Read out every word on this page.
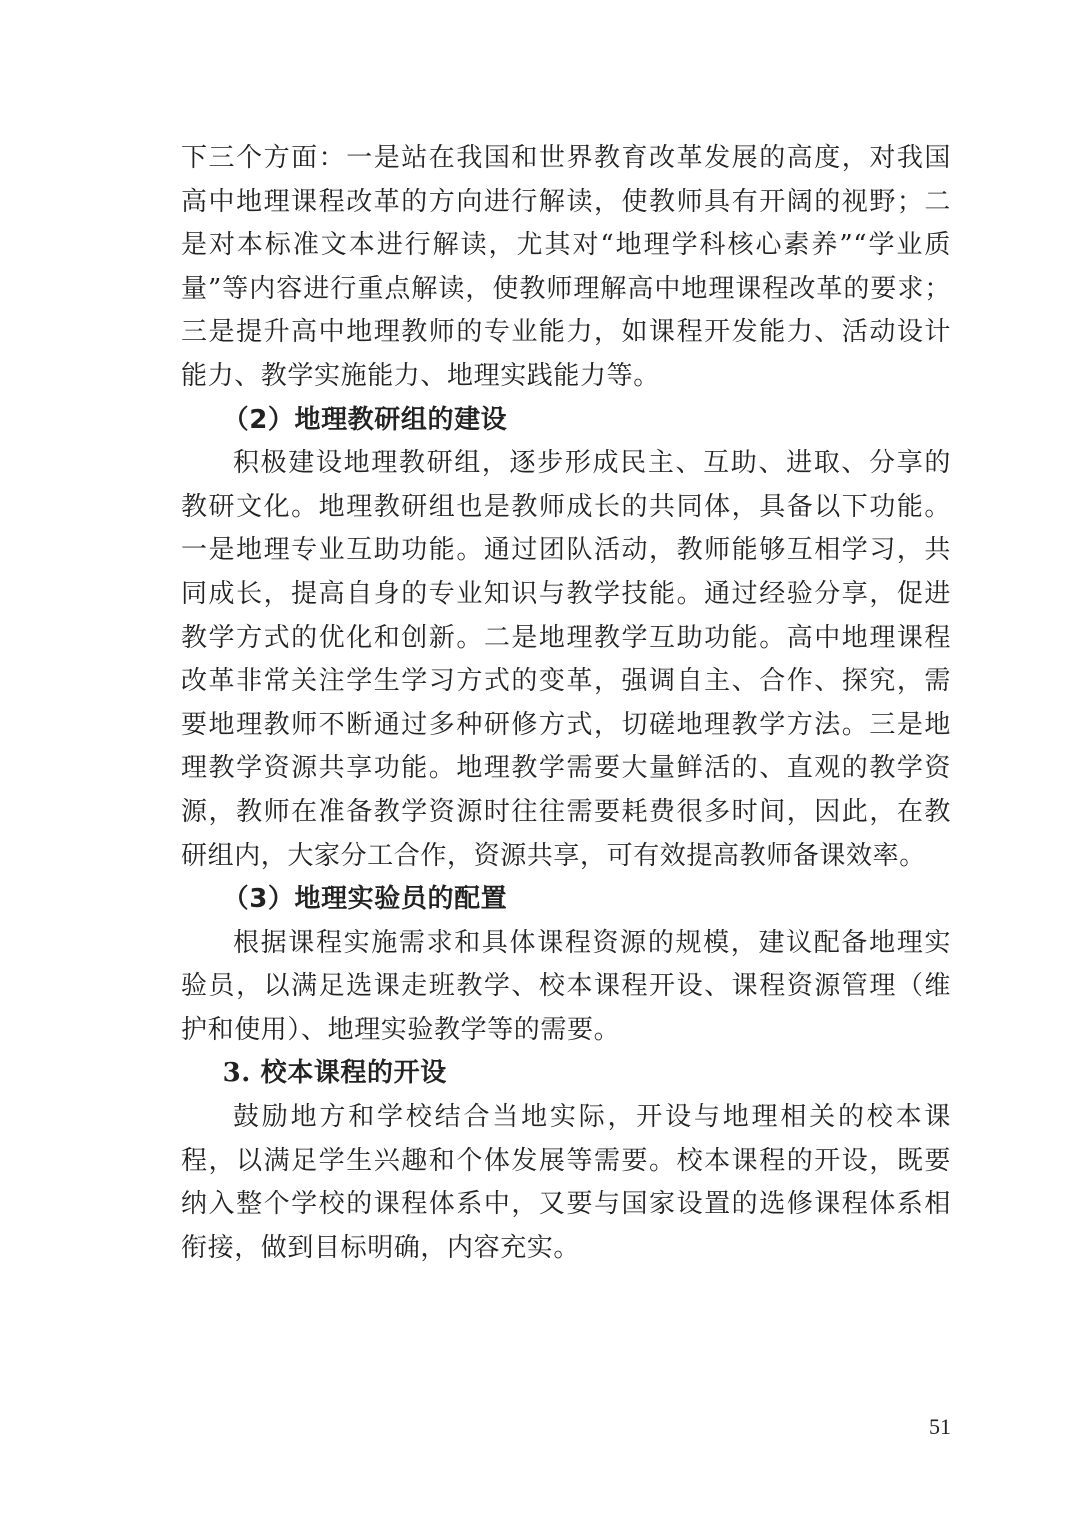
下三个方面：一是站在我国和世界教育改革发展的高度，对我国高中地理课程改革的方向进行解读，使教师具有开阔的视野；二是对本标准文本进行解读，尤其对“地理学科核心素养”“学业质量”等内容进行重点解读，使教师理解高中地理课程改革的要求；三是提升高中地理教师的专业能力，如课程开发能力、活动设计能力、教学实施能力、地理实践能力等。

（2）地理教研组的建设

积极建设地理教研组，逐步形成民主、互助、进取、分享的教研文化。地理教研组也是教师成长的共同体，具备以下功能。一是地理专业互助功能。通过团队活动，教师能够互相学习，共同成长，提高自身的专业知识与教学技能。通过经验分享，促进教学方式的优化和创新。二是地理教学互助功能。高中地理课程改革非常关注学生学习方式的变革，强调自主、合作、探究，需要地理教师不断通过多种研修方式，切磋地理教学方法。三是地理教学资源共享功能。地理教学需要大量鲜活的、直观的教学资源，教师在准备教学资源时往往需要耗费很多时间，因此，在教研组内，大家分工合作，资源共享，可有效提高教师备课效率。

（3）地理实验员的配置

根据课程实施需求和具体课程资源的规模，建议配备地理实验员，以满足选课走班教学、校本课程开设、课程资源管理（维护和使用）、地理实验教学等的需要。

3. 校本课程的开设

鼓励地方和学校结合当地实际，开设与地理相关的校本课程，以满足学生兴趣和个体发展等需要。校本课程的开设，既要纳入整个学校的课程体系中，又要与国家设置的选修课程体系相衔接，做到目标明确，内容充实。

51
